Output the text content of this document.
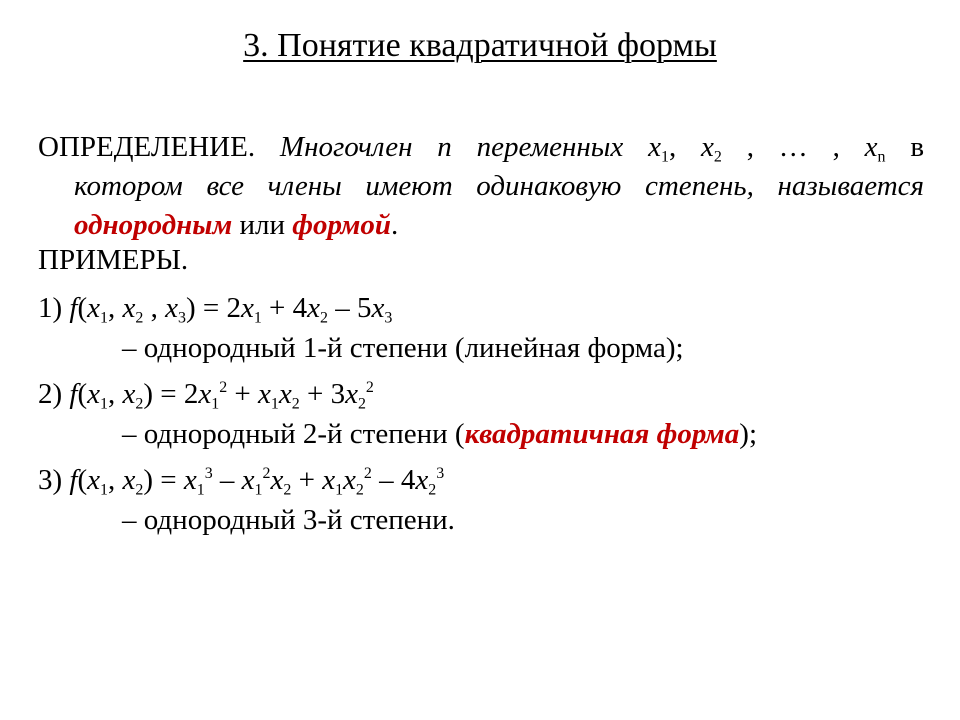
3. Понятие квадратичной формы

ОПРЕДЕЛЕНИЕ. Многочлен n переменных $x_1$, $x_2$ , … , $x_n$ в

котором все члены имеют одинаковую степень, называется

однородным или формой.

ПРИМЕРЫ.
1) $f(x_1$, $x_2$ , $x_3) = 2x_1 + 4x_2 - 5x_3$
– однородный 1-й степени (линейная форма);
2) $f(x_1$, $x_2) = 2x_1^2 + x_1x_2 + 3x_2^2$
– однородный 2-й степени (квадратичная форма);
3) $f(x_1$, $x_2) = x_1^3 - x_1^2x_2 + x_1x_2^2 - 4x_2^3$
– однородный 3-й степени.
